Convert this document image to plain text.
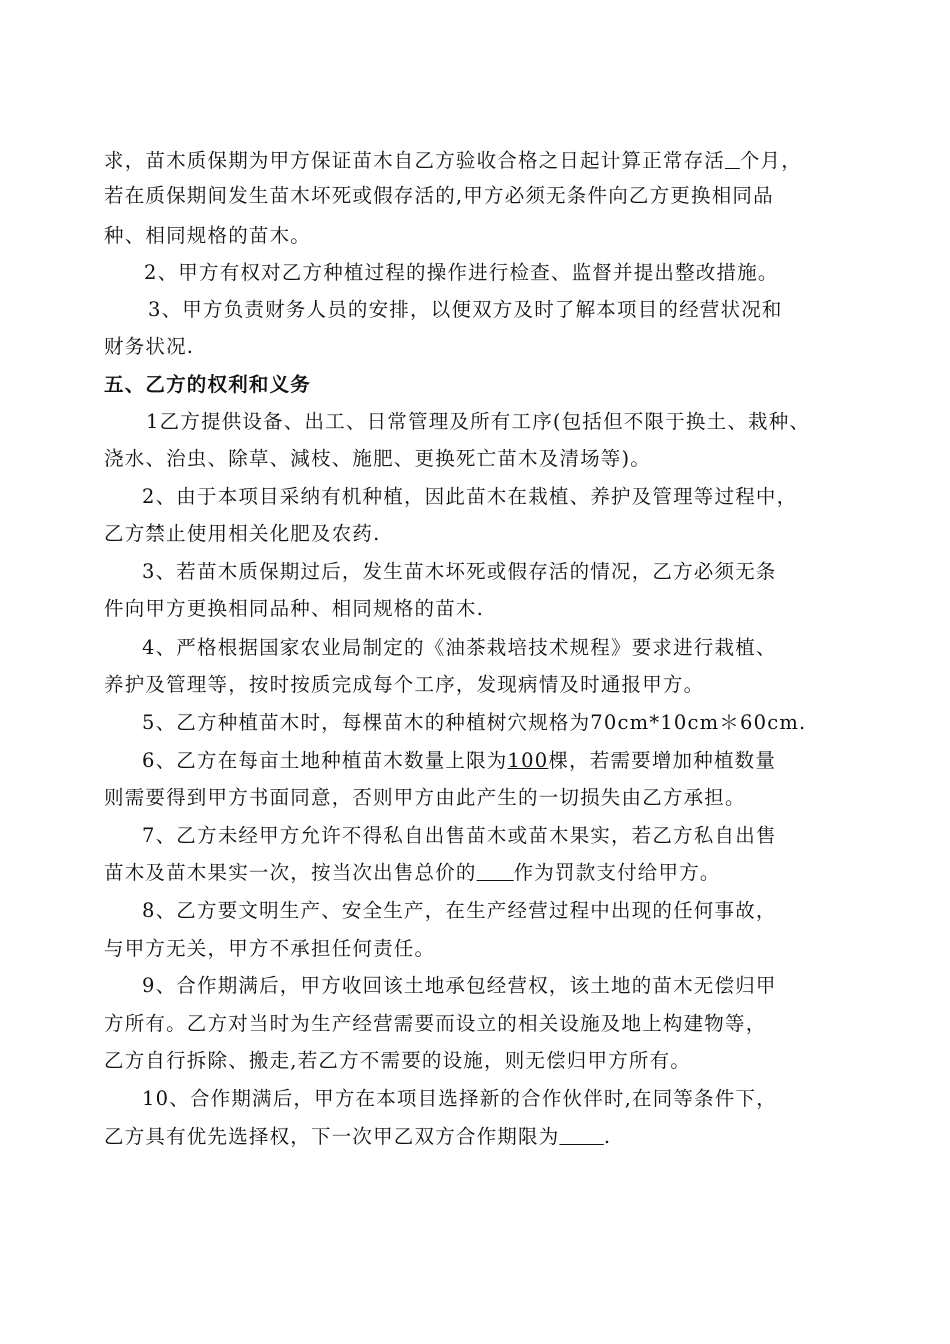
求，苗木质保期为甲方保证苗木自乙方验收合格之日起计算正常存活 个月，
若在质保期间发生苗木坏死或假存活的,甲方必须无条件向乙方更换相同品
种、相同规格的苗木。
2、甲方有权对乙方种植过程的操作进行检查、监督并提出整改措施。
3、甲方负责财务人员的安排，以便双方及时了解本项目的经营状况和
财务状况.
五、乙方的权利和义务
1乙方提供设备、出工、日常管理及所有工序(包括但不限于换土、栽种、
浇水、治虫、除草、減枝、施肥、更换死亡苗木及清场等)。
2、由于本项目采纳有机种植，因此苗木在栽植、养护及管理等过程中，
乙方禁止使用相关化肥及农药.
3、若苗木质保期过后，发生苗木坏死或假存活的情况，乙方必须无条
件向甲方更换相同品种、相同规格的苗木.
4、严格根据国家农业局制定的《油茶栽培技术规程》要求进行栽植、
养护及管理等，按时按质完成每个工序，发现病情及时通报甲方。
5、乙方种植苗木时，每棵苗木的种植树穴规格为70cm*10cm＊60cm.
6、乙方在每亩土地种植苗木数量上限为100棵，若需要增加种植数量
则需要得到甲方书面同意，否则甲方由此产生的一切损失由乙方承担。
7、乙方未经甲方允许不得私自出售苗木或苗木果实，若乙方私自出售
苗木及苗木果实一次，按当次出售总价的 作为罚款支付给甲方。
8、乙方要文明生产、安全生产，在生产经营过程中出现的任何事故，
与甲方无关，甲方不承担任何责任。
9、合作期满后，甲方收回该土地承包经营权，该土地的苗木无偿归甲
方所有。乙方对当时为生产经营需要而设立的相关设施及地上构建物等，
乙方自行拆除、搬走,若乙方不需要的设施，则无偿归甲方所有。
10、合作期满后，甲方在本项目选择新的合作伙伴时,在同等条件下，
乙方具有优先选择权，下一次甲乙双方合作期限为 .
